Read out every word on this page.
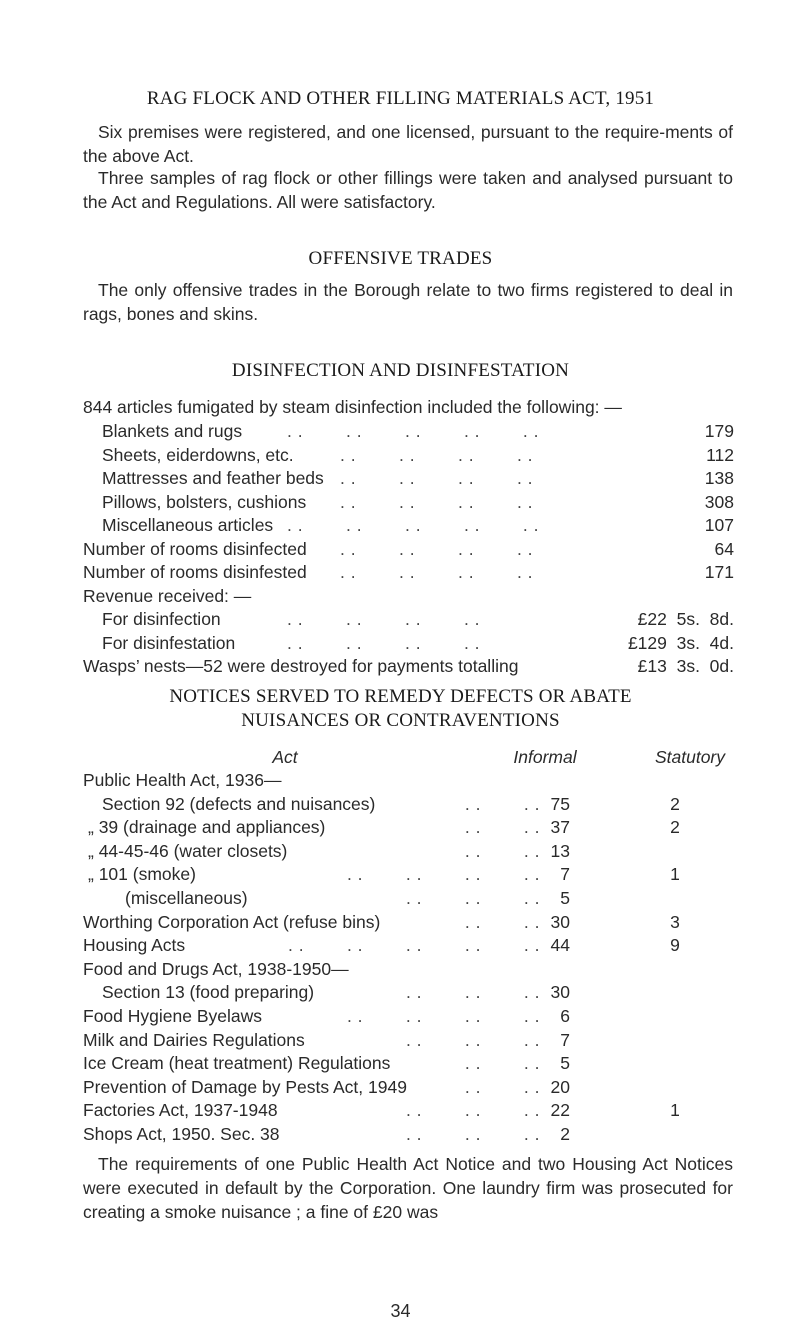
RAG FLOCK AND OTHER FILLING MATERIALS ACT, 1951

Six premises were registered, and one licensed, pursuant to the require-ments of the above Act.

Three samples of rag flock or other fillings were taken and analysed pursuant to the Act and Regulations. All were satisfactory.

OFFENSIVE TRADES

The only offensive trades in the Borough relate to two firms registered to deal in rags, bones and skins.

DISINFECTION AND DISINFESTATION
844 articles fumigated by steam disinfection included the following: —
Blankets and rugs	. .        . .        . .        . .        . .	179
Sheets, eiderdowns, etc.	. .        . .        . .        . .	112
Mattresses and feather beds . .        . .        . .        . .	138
Pillows, bolsters, cushions . .        . .        . .        . .	308
Miscellaneous articles . .        . .        . .        . .        . .	107
Number of rooms disinfected . .        . .        . .        . .	64
Number of rooms disinfested . .        . .        . .        . .	171
Revenue received: —
For disinfection	. .        . .        . .        . .	£22  5s.  8d.
For disinfestation	. .        . .        . .        . .	£129  3s.  4d.
Wasps’ nests—52 were destroyed for payments totalling	£13  3s.  0d.
NOTICES SERVED TO REMEDY DEFECTS OR ABATE
NUISANCES OR CONTRAVENTIONS
Act	Informal	Statutory
Public Health Act, 1936—
Section 92 (defects and nuisances)	. .        . . 75	2
„ 39 (drainage and appliances)	. .        . . 37	2
„ 44-45-46 (water closets)	. .        . . 13
„ 101 (smoke)	. .        . .        . .        . .	7	1
(miscellaneous)	. .        . .        . .	5
Worthing Corporation Act (refuse bins)	. .        . . 30	3
Housing Acts	. .        . .        . .        . .        . . 44	9
Food and Drugs Act, 1938-1950—
Section 13 (food preparing)	. .        . .        . . 30
Food Hygiene Byelaws	. .        . .        . .        . .	6
Milk and Dairies Regulations	. .        . .        . .	7
Ice Cream (heat treatment) Regulations	. .        . .	5
Prevention of Damage by Pests Act, 1949	. .        . . 20
Factories Act, 1937-1948	. .        . .        . . 22	1
Shops Act, 1950. Sec. 38	. .        . .        . .	2

The requirements of one Public Health Act Notice and two Housing Act Notices were executed in default by the Corporation. One laundry firm was prosecuted for creating a smoke nuisance ; a fine of £20 was

34
